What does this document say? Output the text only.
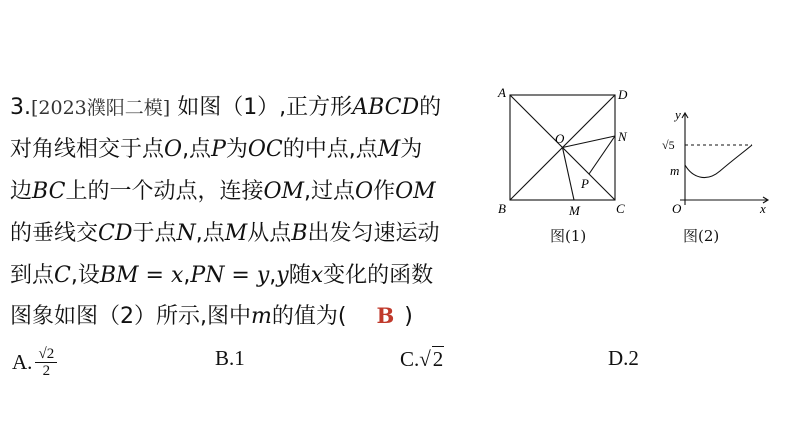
3.[2023濮阳二模] 如图（1）,正方形ABCD的
对角线相交于点O,点P为OC的中点,点M为
边BC上的一个动点，连接OM,过点O作OM
的垂线交CD于点N,点M从点B出发匀速运动
到点C,设BM = x,PN = y,y随x变化的函数
图象如图（2）所示,图中m的值为( B )
A. $\frac{√2}{2}$	B.1	C. √ 2	D.2
A	D
B	C
O	N
P
M
图(1)
y
x
O
m
√5
图(2)
